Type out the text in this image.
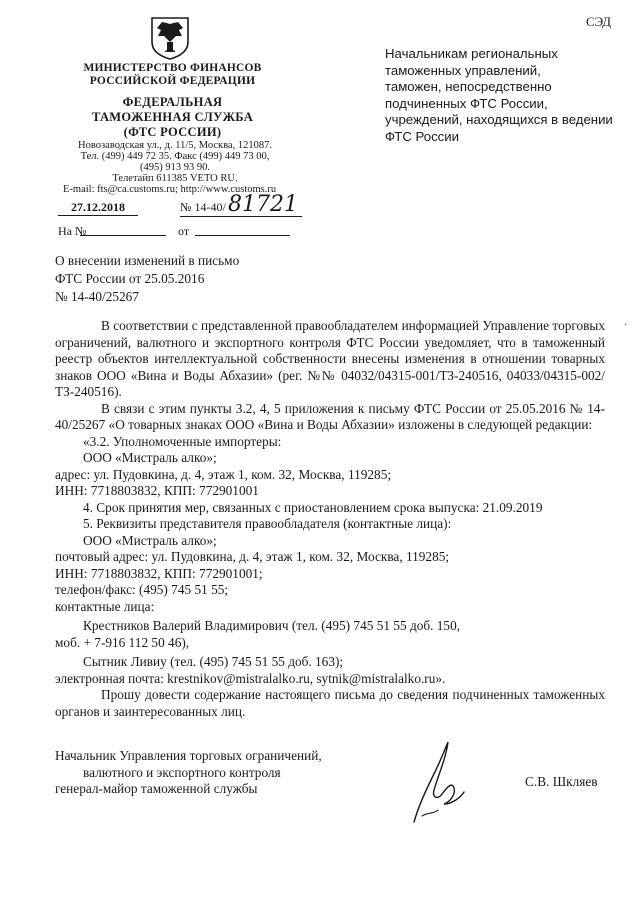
СЭД
МИНИСТЕРСТВО ФИНАНСОВ
РОССИЙСКОЙ ФЕДЕРАЦИИ
ФЕДЕРАЛЬНАЯ
ТАМОЖЕННАЯ СЛУЖБА
(ФТС РОССИИ)
Новозаводская ул., д. 11/5, Москва, 121087.
Тел. (499) 449 72 35. Факс (499) 449 73 00,
(495) 913 93 90.
Телетайп 611385 VETO RU.
E-mail: fts@ca.customs.ru; http://www.customs.ru
Начальникам региональных
таможенных управлений,
таможен, непосредственно
подчиненных ФТС России,
учреждений, находящихся в ведении
ФТС России
27.12.2018	№ 14-40/ 81721
На №	от
О внесении изменений в письмо
ФТС России от 25.05.2016
№ 14-40/25267
'

В соответствии с представленной правообладателем информацией Управление торговых ограничений, валютного и экспортного контроля ФТС России уведомляет, что в таможенный реестр объектов интеллектуальной собственности внесены изменения в отношении товарных знаков ООО «Вина и Воды Абхазии» (рег. №№ 04032/04315-001/ТЗ-240516, 04033/04315-002/ТЗ-240516).

В связи с этим пункты 3.2, 4, 5 приложения к письму ФТС России от 25.05.2016 № 14-40/25267 «О товарных знаках ООО «Вина и Воды Абхазии» изложены в следующей редакции:

«3.2. Уполномоченные импортеры:

ООО «Мистраль алко»;

адрес: ул. Пудовкина, д. 4, этаж 1, ком. 32, Москва, 119285;

ИНН: 7718803832, КПП: 772901001

4. Срок принятия мер, связанных с приостановлением срока выпуска: 21.09.2019

5. Реквизиты представителя правообладателя (контактные лица):

ООО «Мистраль алко»;

почтовый адрес: ул. Пудовкина, д. 4, этаж 1, ком. 32, Москва, 119285;

ИНН: 7718803832, КПП: 772901001;

телефон/факс: (495) 745 51 55;

контактные лица:

Крестников Валерий Владимирович (тел. (495) 745 51 55 доб. 150,

моб. + 7-916 112 50 46),

Сытник Ливиу (тел. (495) 745 51 55 доб. 163);

электронная почта: krestnikov@mistralalko.ru, sytnik@mistralalko.ru».

Прошу довести содержание настоящего письма до сведения подчиненных таможенных органов и заинтересованных лиц.

Начальник Управления торговых ограничений,
валютного и экспортного контроля
генерал-майор таможенной службы	С.В. Шкляев
